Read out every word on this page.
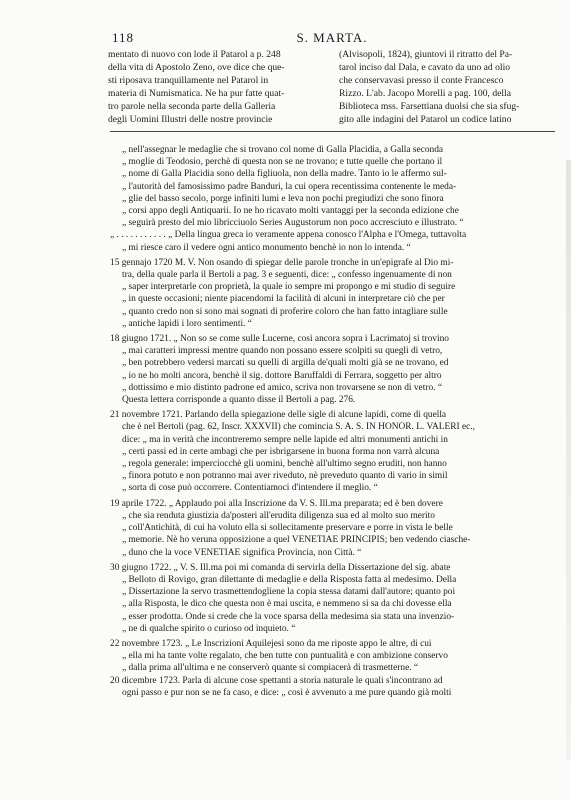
118	S. MARTA.
mentato di nuovo con lode il Patarol a p. 248
della vita di Apostolo Zeno, ove dice che que-
sti riposava tranquillamente nel Patarol in
materia di Numismatica. Ne ha pur fatte quat-
tro parole nella seconda parte della Galleria
degli Uomini Illustri delle nostre provincie
(Alvisopoli, 1824), giuntovi il ritratto del Pa-
tarol inciso dal Dala, e cavato da uno ad olio
che conservavasi presso il conte Francesco
Rizzo. L'ab. Jacopo Morelli a pag. 100, della
Biblioteca mss. Farsettiana duolsi che sia sfug-
gito alle indagini del Patarol un codice latino
„ nell'assegnar le medaglie che si trovano col nome di Galla Placidia, a Galla seconda
„ moglie di Teodosio, perchè di questa non se ne trovano; e tutte quelle che portano il
„ nome di Galla Placidia sono della figliuola, non della madre. Tanto io le affermo sul-
„ l'autorità del famosissimo padre Banduri, la cui opera recentissima contenente le meda-
„ glie del basso secolo, porge infiniti lumi e leva non pochi pregiudizi che sono finora
„ corsi appo degli Antiquarii. Io ne ho ricavato molti vantaggi per la seconda edizione che
„ seguirà presto del mio libricciuolo Series Augustorum non poco accresciuto e illustrato. “
„ . . . . . . . . . . . „ Della lingua greca io veramente appena conosco l'Alpha e l'Omega, tuttavolta
„ mi riesce caro il vedere ogni antico monumento benchè io non lo intenda. “
15 gennajo 1720 M. V. Non osando di spiegar delle parole tronche in un'epigrafe al Dio mi-
tra, della quale parla il Bertoli a pag. 3 e seguenti, dice: „ confesso ingenuamente di non
„ saper interpretarle con proprietà, la quale io sempre mi propongo e mi studio di seguire
„ in queste occasioni; niente piacendomi la facilità di alcuni in interpretare ciò che per
„ quanto credo non si sono mai sognati di proferire coloro che han fatto intagliare sulle
„ antiche lapidi i loro sentimenti. “
18 giugno 1721. „ Non so se come sulle Lucerne, così ancora sopra i Lacrimatoj si trovino
„ mai caratteri impressi mentre quando non possano essere scolpiti su quegli di vetro,
„ ben potrebbero vedersi marcati su quelli di argilla de'quali molti già se ne trovano, ed
„ io ne ho molti ancora, benchè il sig. dottore Baruffaldi di Ferrara, soggetto per altro
„ dottissimo e mio distinto padrone ed amico, scriva non trovarsene se non di vetro. “
Questa lettera corrisponde a quanto disse il Bertoli a pag. 276.
21 novembre 1721. Parlando della spiegazione delle sigle di alcune lapidi, come di quella
che è nel Bertoli (pag. 62, Inscr. XXXVII) che comincia S. A. S. IN HONOR. L. VALERI ec.,
dice: „ ma in verità che incontreremo sempre nelle lapide ed altri monumenti antichi in
„ certi passi ed in certe ambagi che per isbrigarsene in buona forma non varrà alcuna
„ regola generale: imperciocchè gli uomini, benchè all'ultimo segno eruditi, non hanno
„ finora potuto e non potranno mai aver riveduto, nè preveduto quanto di vario in simil
„ sorta di cose può occorrere. Contentiamoci d'intendere il meglio. “
19 aprile 1722. „ Applaudo poi alla Inscrizione da V. S. Ill.ma preparata; ed è ben dovere
„ che sia renduta giustizia da'posteri all'erudita diligenza sua ed al molto suo merito
„ coll'Antichità, di cui ha voluto ella si sollecitamente preservare e porre in vista le belle
„ memorie. Nè ho veruna opposizione a quel VENETIAE PRINCIPIS; ben vedendo ciasche-
„ duno che la voce VENETIAE significa Provincia, non Città. “
30 giugno 1722. „ V. S. Ill.ma poi mi comanda di servirla della Dissertazione del sig. abate
„ Belloto di Rovigo, gran dilettante di medaglie e della Risposta fatta al medesimo. Della
„ Dissertazione la servo trasmettendogliene la copia stessa datami dall'autore; quanto poi
„ alla Risposta, le dico che questa non è mai uscita, e nemmeno si sa da chi dovesse ella
„ esser prodotta. Onde si crede che la voce sparsa della medesima sia stata una invenzio-
„ ne di qualche spirito o curioso od inquieto. “
22 novembre 1723. „ Le Inscrizioni Aquilejesi sono da me riposte appo le altre, di cui
„ ella mi ha tante volte regalato, che ben tutte con puntualità e con ambizione conservo
„ dalla prima all'ultima e ne conserverò quante si compiacerà di trasmetterne. “
20 dicembre 1723. Parla di alcune cose spettanti a storia naturale le quali s'incontrano ad
ogni passo e pur non se ne fa caso, e dice: „ così è avvenuto a me pure quando già molti
